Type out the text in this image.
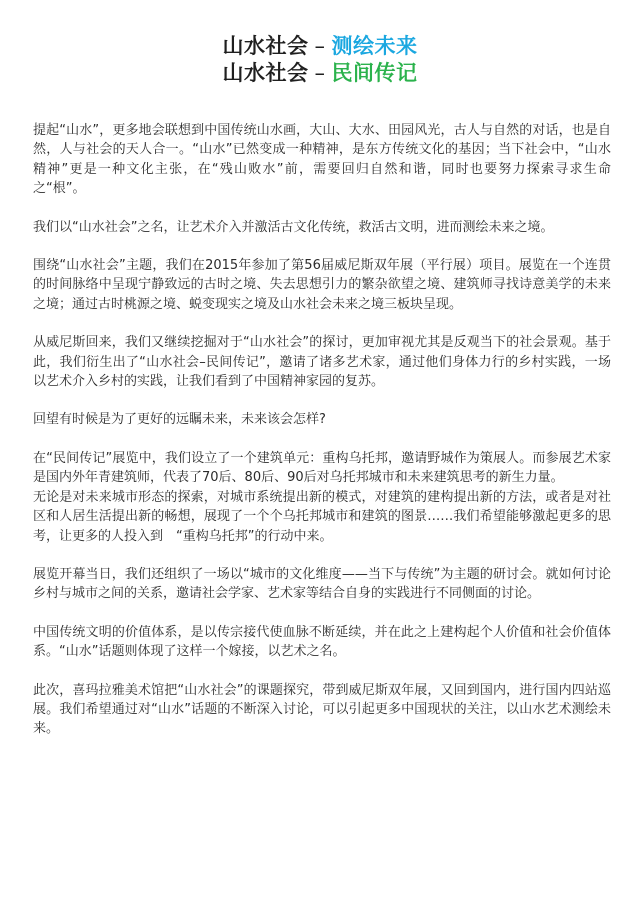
山水社会 – 测绘未来
山水社会 – 民间传记

提起“山水”，更多地会联想到中国传统山水画，大山、大水、田园风光，古人与自然的对话，也是自然，人与社会的天人合一。“山水”已然变成一种精神，是东方传统文化的基因；当下社会中，“山水精神”更是一种文化主张，在“残山败水”前，需要回归自然和谐，同时也要努力探索寻求生命之“根”。

我们以“山水社会”之名，让艺术介入并激活古文化传统，救活古文明，进而测绘未来之境。

围绕“山水社会”主题，我们在2015年参加了第56届威尼斯双年展（平行展）项目。展览在一个连贯的时间脉络中呈现宁静致远的古时之境、失去思想引力的繁杂欲望之境、建筑师寻找诗意美学的未来之境；通过古时桃源之境、蜕变现实之境及山水社会未来之境三板块呈现。

从威尼斯回来，我们又继续挖掘对于“山水社会”的探讨，更加审视尤其是反观当下的社会景观。基于此，我们衍生出了“山水社会–民间传记”，邀请了诸多艺术家，通过他们身体力行的乡村实践，一场以艺术介入乡村的实践，让我们看到了中国精神家园的复苏。

回望有时候是为了更好的远瞩未来，未来该会怎样?

在“民间传记”展览中，我们设立了一个建筑单元：重构乌托邦，邀请野城作为策展人。而参展艺术家是国内外年青建筑师，代表了70后、80后、90后对乌托邦城市和未来建筑思考的新生力量。

无论是对未来城市形态的探索，对城市系统提出新的模式，对建筑的建构提出新的方法，或者是对社区和人居生活提出新的畅想，展现了一个个乌托邦城市和建筑的图景……我们希望能够激起更多的思考，让更多的人投入到　“重构乌托邦”的行动中来。

展览开幕当日，我们还组织了一场以“城市的文化维度——当下与传统”为主题的研讨会。就如何讨论乡村与城市之间的关系，邀请社会学家、艺术家等结合自身的实践进行不同侧面的讨论。

中国传统文明的价值体系，是以传宗接代使血脉不断延续，并在此之上建构起个人价值和社会价值体系。“山水”话题则体现了这样一个嫁接，以艺术之名。

此次，喜玛拉雅美术馆把“山水社会”的课题探究，带到威尼斯双年展，又回到国内，进行国内四站巡展。我们希望通过对“山水”话题的不断深入讨论，可以引起更多中国现状的关注，以山水艺术测绘未来。
